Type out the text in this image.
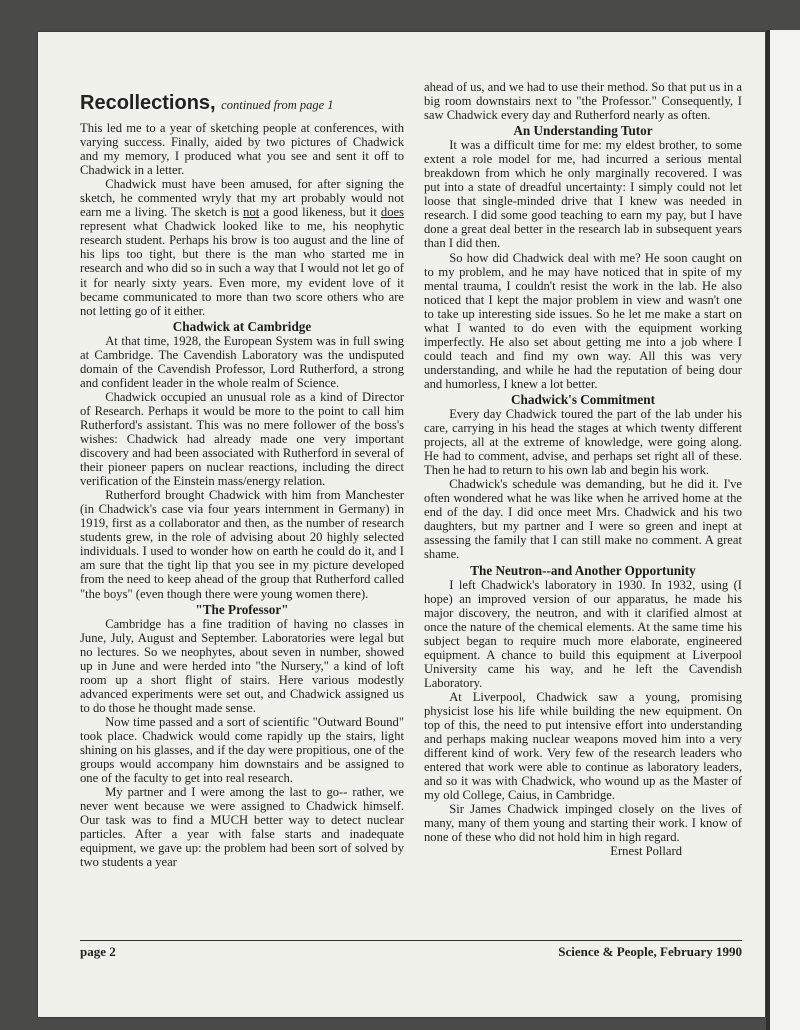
Recollections, continued from page 1

This led me to a year of sketching people at conferences, with varying success. Finally, aided by two pictures of Chadwick and my memory, I produced what you see and sent it off to Chadwick in a letter.

Chadwick must have been amused, for after signing the sketch, he commented wryly that my art probably would not earn me a living. The sketch is not a good likeness, but it does represent what Chadwick looked like to me, his neophytic research student. Perhaps his brow is too august and the line of his lips too tight, but there is the man who started me in research and who did so in such a way that I would not let go of it for nearly sixty years. Even more, my evident love of it became communicated to more than two score others who are not letting go of it either.

Chadwick at Cambridge

At that time, 1928, the European System was in full swing at Cambridge. The Cavendish Laboratory was the undisputed domain of the Cavendish Professor, Lord Rutherford, a strong and confident leader in the whole realm of Science.

Chadwick occupied an unusual role as a kind of Director of Research. Perhaps it would be more to the point to call him Rutherford's assistant. This was no mere follower of the boss's wishes: Chadwick had already made one very important discovery and had been associated with Rutherford in several of their pioneer papers on nuclear reactions, including the direct verification of the Einstein mass/energy relation.

Rutherford brought Chadwick with him from Manchester (in Chadwick's case via four years internment in Germany) in 1919, first as a collaborator and then, as the number of research students grew, in the role of advising about 20 highly selected individuals. I used to wonder how on earth he could do it, and I am sure that the tight lip that you see in my picture developed from the need to keep ahead of the group that Rutherford called "the boys" (even though there were young women there).

"The Professor"

Cambridge has a fine tradition of having no classes in June, July, August and September. Laboratories were legal but no lectures. So we neophytes, about seven in number, showed up in June and were herded into "the Nursery," a kind of loft room up a short flight of stairs. Here various modestly advanced experiments were set out, and Chadwick assigned us to do those he thought made sense.

Now time passed and a sort of scientific "Outward Bound" took place. Chadwick would come rapidly up the stairs, light shining on his glasses, and if the day were propitious, one of the groups would accompany him downstairs and be assigned to one of the faculty to get into real research.

My partner and I were among the last to go-- rather, we never went because we were assigned to Chadwick himself. Our task was to find a MUCH better way to detect nuclear particles. After a year with false starts and inadequate equipment, we gave up: the problem had been sort of solved by two students a year

ahead of us, and we had to use their method. So that put us in a big room downstairs next to "the Professor." Consequently, I saw Chadwick every day and Rutherford nearly as often.

An Understanding Tutor

It was a difficult time for me: my eldest brother, to some extent a role model for me, had incurred a serious mental breakdown from which he only marginally recovered. I was put into a state of dreadful uncertainty: I simply could not let loose that single-minded drive that I knew was needed in research. I did some good teaching to earn my pay, but I have done a great deal better in the research lab in subsequent years than I did then.

So how did Chadwick deal with me? He soon caught on to my problem, and he may have noticed that in spite of my mental trauma, I couldn't resist the work in the lab. He also noticed that I kept the major problem in view and wasn't one to take up interesting side issues. So he let me make a start on what I wanted to do even with the equipment working imperfectly. He also set about getting me into a job where I could teach and find my own way. All this was very understanding, and while he had the reputation of being dour and humorless, I knew a lot better.

Chadwick's Commitment

Every day Chadwick toured the part of the lab under his care, carrying in his head the stages at which twenty different projects, all at the extreme of knowledge, were going along. He had to comment, advise, and perhaps set right all of these. Then he had to return to his own lab and begin his work.

Chadwick's schedule was demanding, but he did it. I've often wondered what he was like when he arrived home at the end of the day. I did once meet Mrs. Chadwick and his two daughters, but my partner and I were so green and inept at assessing the family that I can still make no comment. A great shame.

The Neutron--and Another Opportunity

I left Chadwick's laboratory in 1930. In 1932, using (I hope) an improved version of our apparatus, he made his major discovery, the neutron, and with it clarified almost at once the nature of the chemical elements. At the same time his subject began to require much more elaborate, engineered equipment. A chance to build this equipment at Liverpool University came his way, and he left the Cavendish Laboratory.

At Liverpool, Chadwick saw a young, promising physicist lose his life while building the new equipment. On top of this, the need to put intensive effort into understanding and perhaps making nuclear weapons moved him into a very different kind of work. Very few of the research leaders who entered that work were able to continue as laboratory leaders, and so it was with Chadwick, who wound up as the Master of my old College, Caius, in Cambridge.

Sir James Chadwick impinged closely on the lives of many, many of them young and starting their work. I know of none of these who did not hold him in high regard.

Ernest Pollard

page 2	Science & People, February 1990
